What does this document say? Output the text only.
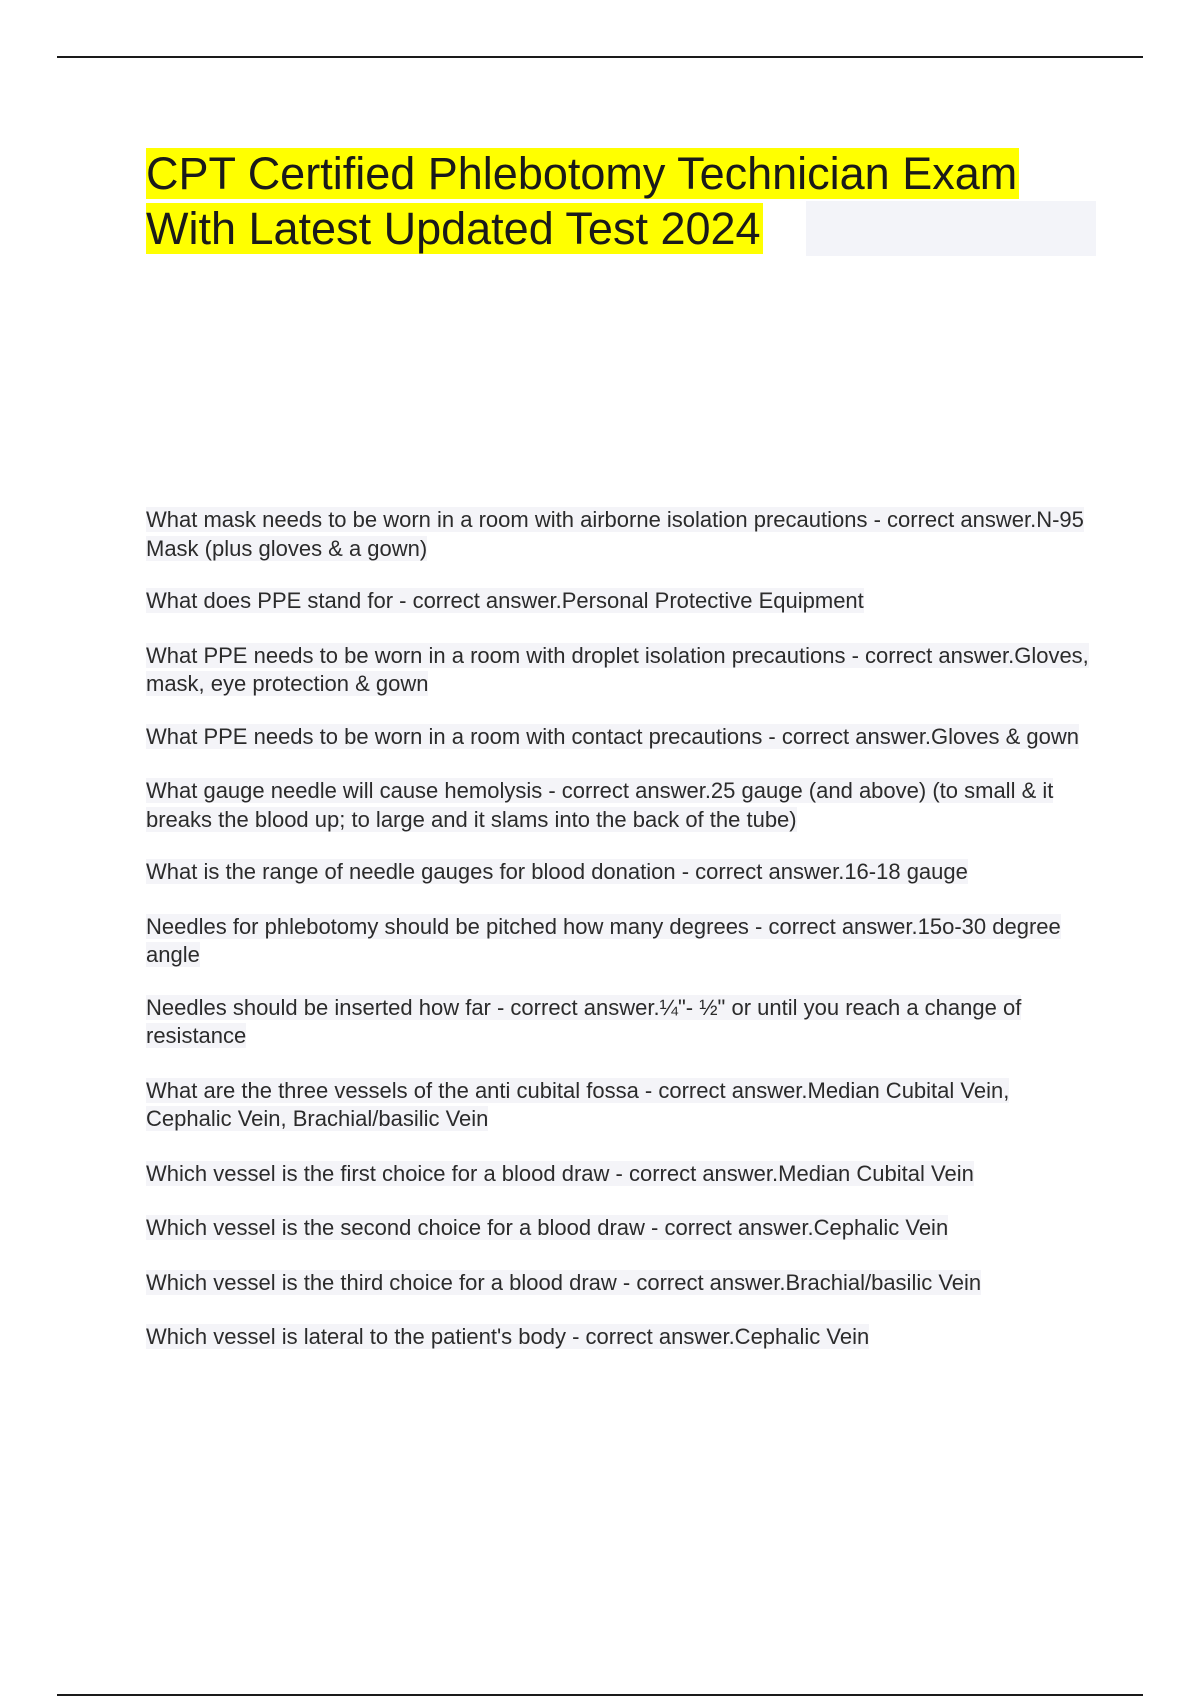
CPT Certified Phlebotomy Technician Exam
With Latest Updated Test 2024
What mask needs to be worn in a room with airborne isolation precautions - correct answer.N-95 Mask (plus gloves & a gown)
What does PPE stand for - correct answer.Personal Protective Equipment
What PPE needs to be worn in a room with droplet isolation precautions - correct answer.Gloves, mask, eye protection & gown
What PPE needs to be worn in a room with contact precautions - correct answer.Gloves & gown
What gauge needle will cause hemolysis - correct answer.25 gauge (and above) (to small & it breaks the blood up; to large and it slams into the back of the tube)
What is the range of needle gauges for blood donation - correct answer.16-18 gauge
Needles for phlebotomy should be pitched how many degrees - correct answer.15o-30 degree angle
Needles should be inserted how far - correct answer.¼"- ½" or until you reach a change of resistance
What are the three vessels of the anti cubital fossa - correct answer.Median Cubital Vein, Cephalic Vein, Brachial/basilic Vein
Which vessel is the first choice for a blood draw - correct answer.Median Cubital Vein
Which vessel is the second choice for a blood draw - correct answer.Cephalic Vein
Which vessel is the third choice for a blood draw - correct answer.Brachial/basilic Vein
Which vessel is lateral to the patient's body - correct answer.Cephalic Vein
